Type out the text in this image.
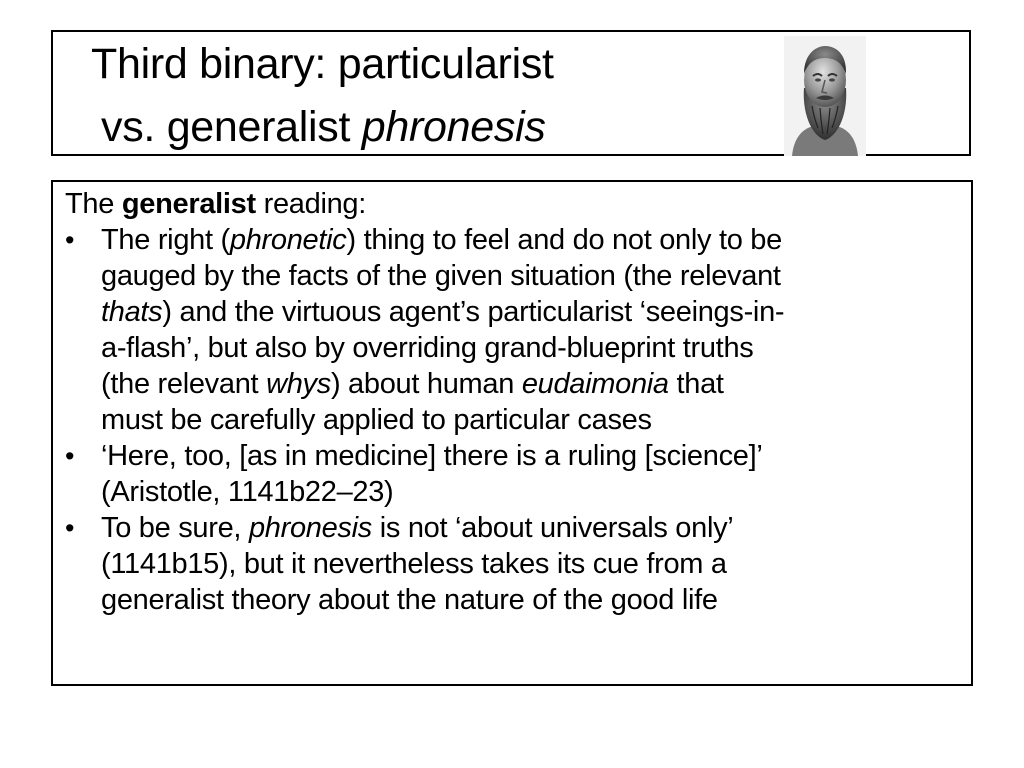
Third binary: particularist
vs. generalist phronesis

The generalist reading:

• The right (phronetic) thing to feel and do not only to be
gauged by the facts of the given situation (the relevant
thats) and the virtuous agent’s particularist ‘seeings-in-
a-flash’, but also by overriding grand-blueprint truths
(the relevant whys) about human eudaimonia that
must be carefully applied to particular cases
• ‘Here, too, [as in medicine] there is a ruling [science]’
(Aristotle, 1141b22–23)
• To be sure, phronesis is not ‘about universals only’
(1141b15), but it nevertheless takes its cue from a
generalist theory about the nature of the good life
